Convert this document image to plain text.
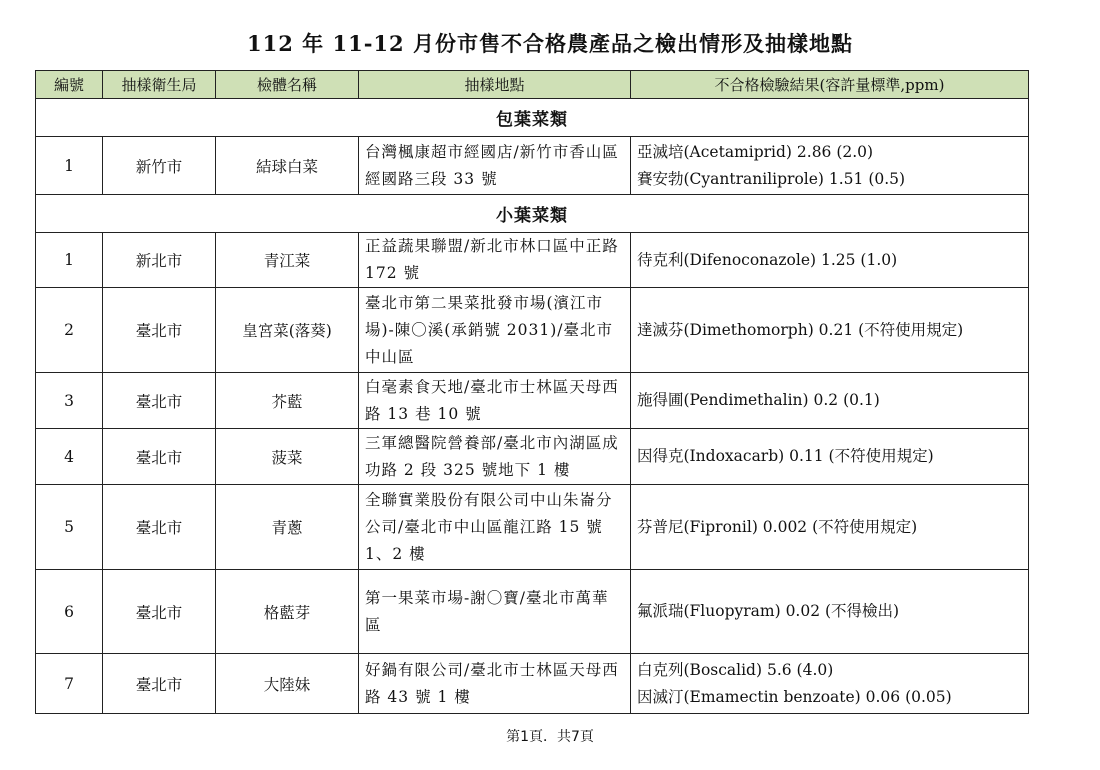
112 年 11-12 月份市售不合格農產品之檢出情形及抽樣地點
編號	抽樣衛生局	檢體名稱	抽樣地點	不合格檢驗結果(容許量標準,ppm)
包葉菜類				
1	新竹市	結球白菜	台灣楓康超市經國店/新竹市香山區經國路三段 33 號	亞滅培(Acetamiprid) 2.86 (2.0)
賽安勃(Cyantraniliprole) 1.51 (0.5)

小葉菜類				
1	新北市	青江菜	正益蔬果聯盟/新北市林口區中正路 172 號	待克利(Difenoconazole) 1.25 (1.0)

2	臺北市	皇宮菜(落葵)	臺北市第二果菜批發市場(濱江市場)-陳〇溪(承銷號 2031)/臺北市中山區	達滅芬(Dimethomorph) 0.21 (不符使用規定)

3	臺北市	芥藍	白毫素食天地/臺北市士林區天母西路 13 巷 10 號	施得圃(Pendimethalin) 0.2 (0.1)

4	臺北市	菠菜	三軍總醫院營養部/臺北市內湖區成功路 2 段 325 號地下 1 樓	因得克(Indoxacarb) 0.11 (不符使用規定)

5	臺北市	青蔥	全聯實業股份有限公司中山朱崙分公司/臺北市中山區龍江路 15 號 1、2 樓	芬普尼(Fipronil) 0.002 (不符使用規定)

6	臺北市	格藍芽	第一果菜市場-謝〇寶/臺北市萬華區	氟派瑞(Fluopyram) 0.02 (不得檢出)

7	臺北市	大陸妹	好鍋有限公司/臺北市士林區天母西路 43 號 1 樓	白克列(Boscalid) 5.6 (4.0)
因滅汀(Emamectin benzoate) 0.06 (0.05)
第1頁．共7頁
